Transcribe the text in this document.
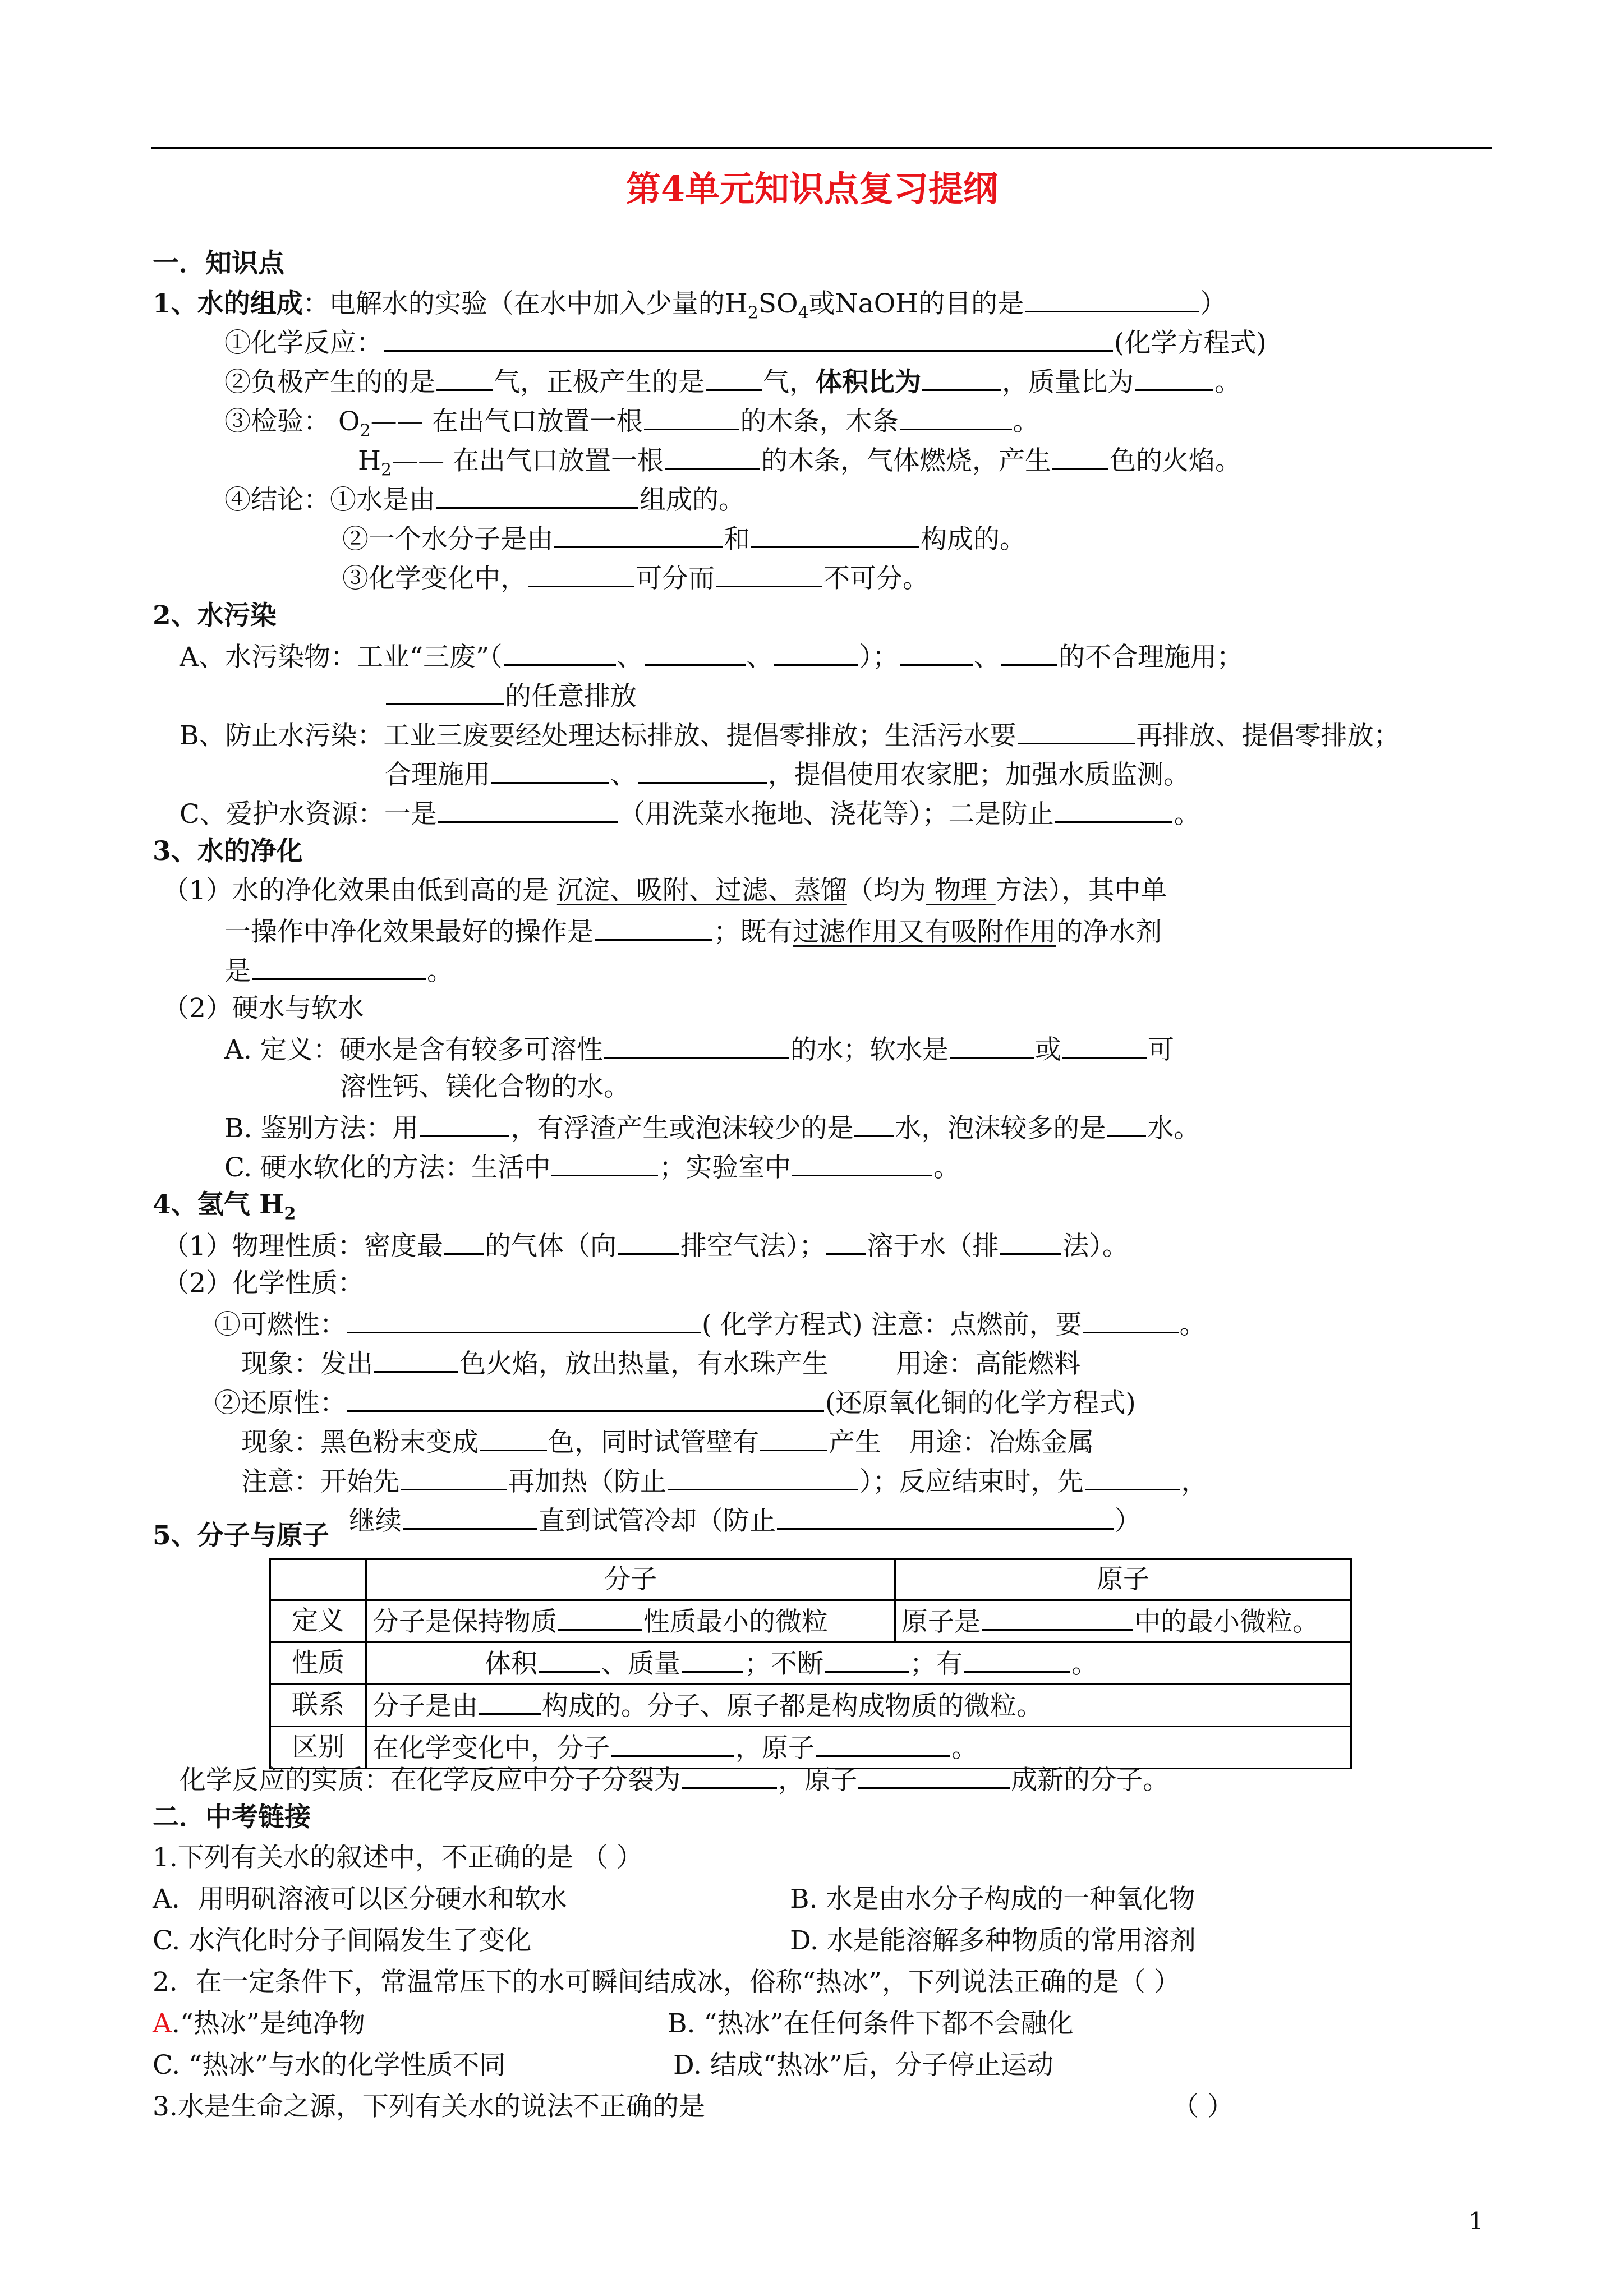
第4单元知识点复习提纲
一．知识点
1、水的组成：电解水的实验（在水中加入少量的$H_2SO_4$或NaOH的目的是	）
①化学反应：	(化学方程式)
②负极产生的的是 气，正极产生的是 气，体积比为	，质量比为	。
③检验： $O_2——$ 在出气口放置一根	的木条，木条	。
$H_2——$ 在出气口放置一根	的木条，气体燃烧，产生 色的火焰。
④结论：①水是由	组成的。
②一个水分子是由	和	构成的。
③化学变化中，	可分而	不可分。
2、水污染
A、水污染物：工业“三废”（	、	、	）；	、 的不合理施用；
的任意排放
B、防止水污染：工业三废要经处理达标排放、提倡零排放；生活污水要	再排放、提倡零排放；
合理施用	、	，提倡使用农家肥；加强水质监测。
C、爱护水资源：一是	（用洗菜水拖地、浇花等）；二是防止	。
3、水的净化
（1）水的净化效果由低到高的是 沉淀、吸附、过滤、蒸馏（均为 物理 方法），其中单
一操作中净化效果最好的操作是	；既有过滤作用又有吸附作用的净水剂
是	。
（2）硬水与软水
A. 定义：硬水是含有较多可溶性	的水；软水是	或	可
溶性钙、镁化合物的水。
B. 鉴别方法：用	，有浮渣产生或泡沫较少的是 水，泡沫较多的是 水。
C. 硬水软化的方法：生活中	；实验室中	。
4、氢气 $H_2$
（1）物理性质：密度最 的气体（向 排空气法）； 溶于水（排 法）。
（2）化学性质：
①可燃性：	( 化学方程式) 注意：点燃前，要	。
现象：发出	色火焰，放出热量，有水珠产生	用途：高能燃料
②还原性：	(还原氧化铜的化学方程式)
现象：黑色粉末变成	色，同时试管壁有	产生 用途：冶炼金属
注意：开始先	再加热（防止	）；反应结束时，先	，
继续	直到试管冷却（防止	）
5、分子与原子
	分子	原子
定义	分子是保持物质 性质最小的微粒	原子是 中的最小微粒。
性质	体积 、质量 ；不断 ；有 。	
联系	分子是由 构成的。分子、原子都是构成物质的微粒。	
区别	在化学变化中，分子 ，原子 。	
化学反应的实质：在化学反应中分子分裂为	，原子	成新的分子。
二．中考链接
1.下列有关水的叙述中，不正确的是 （ ）
A．用明矾溶液可以区分硬水和软水	B. 水是由水分子构成的一种氧化物
C. 水汽化时分子间隔发生了变化	D. 水是能溶解多种物质的常用溶剂
2．在一定条件下，常温常压下的水可瞬间结成冰，俗称“热冰”，下列说法正确的是（ ）
A.“热冰”是纯净物	B. “热冰”在任何条件下都不会融化
C. “热冰”与水的化学性质不同	D. 结成“热冰”后，分子停止运动
3.水是生命之源，下列有关水的说法不正确的是	（ ）
1
